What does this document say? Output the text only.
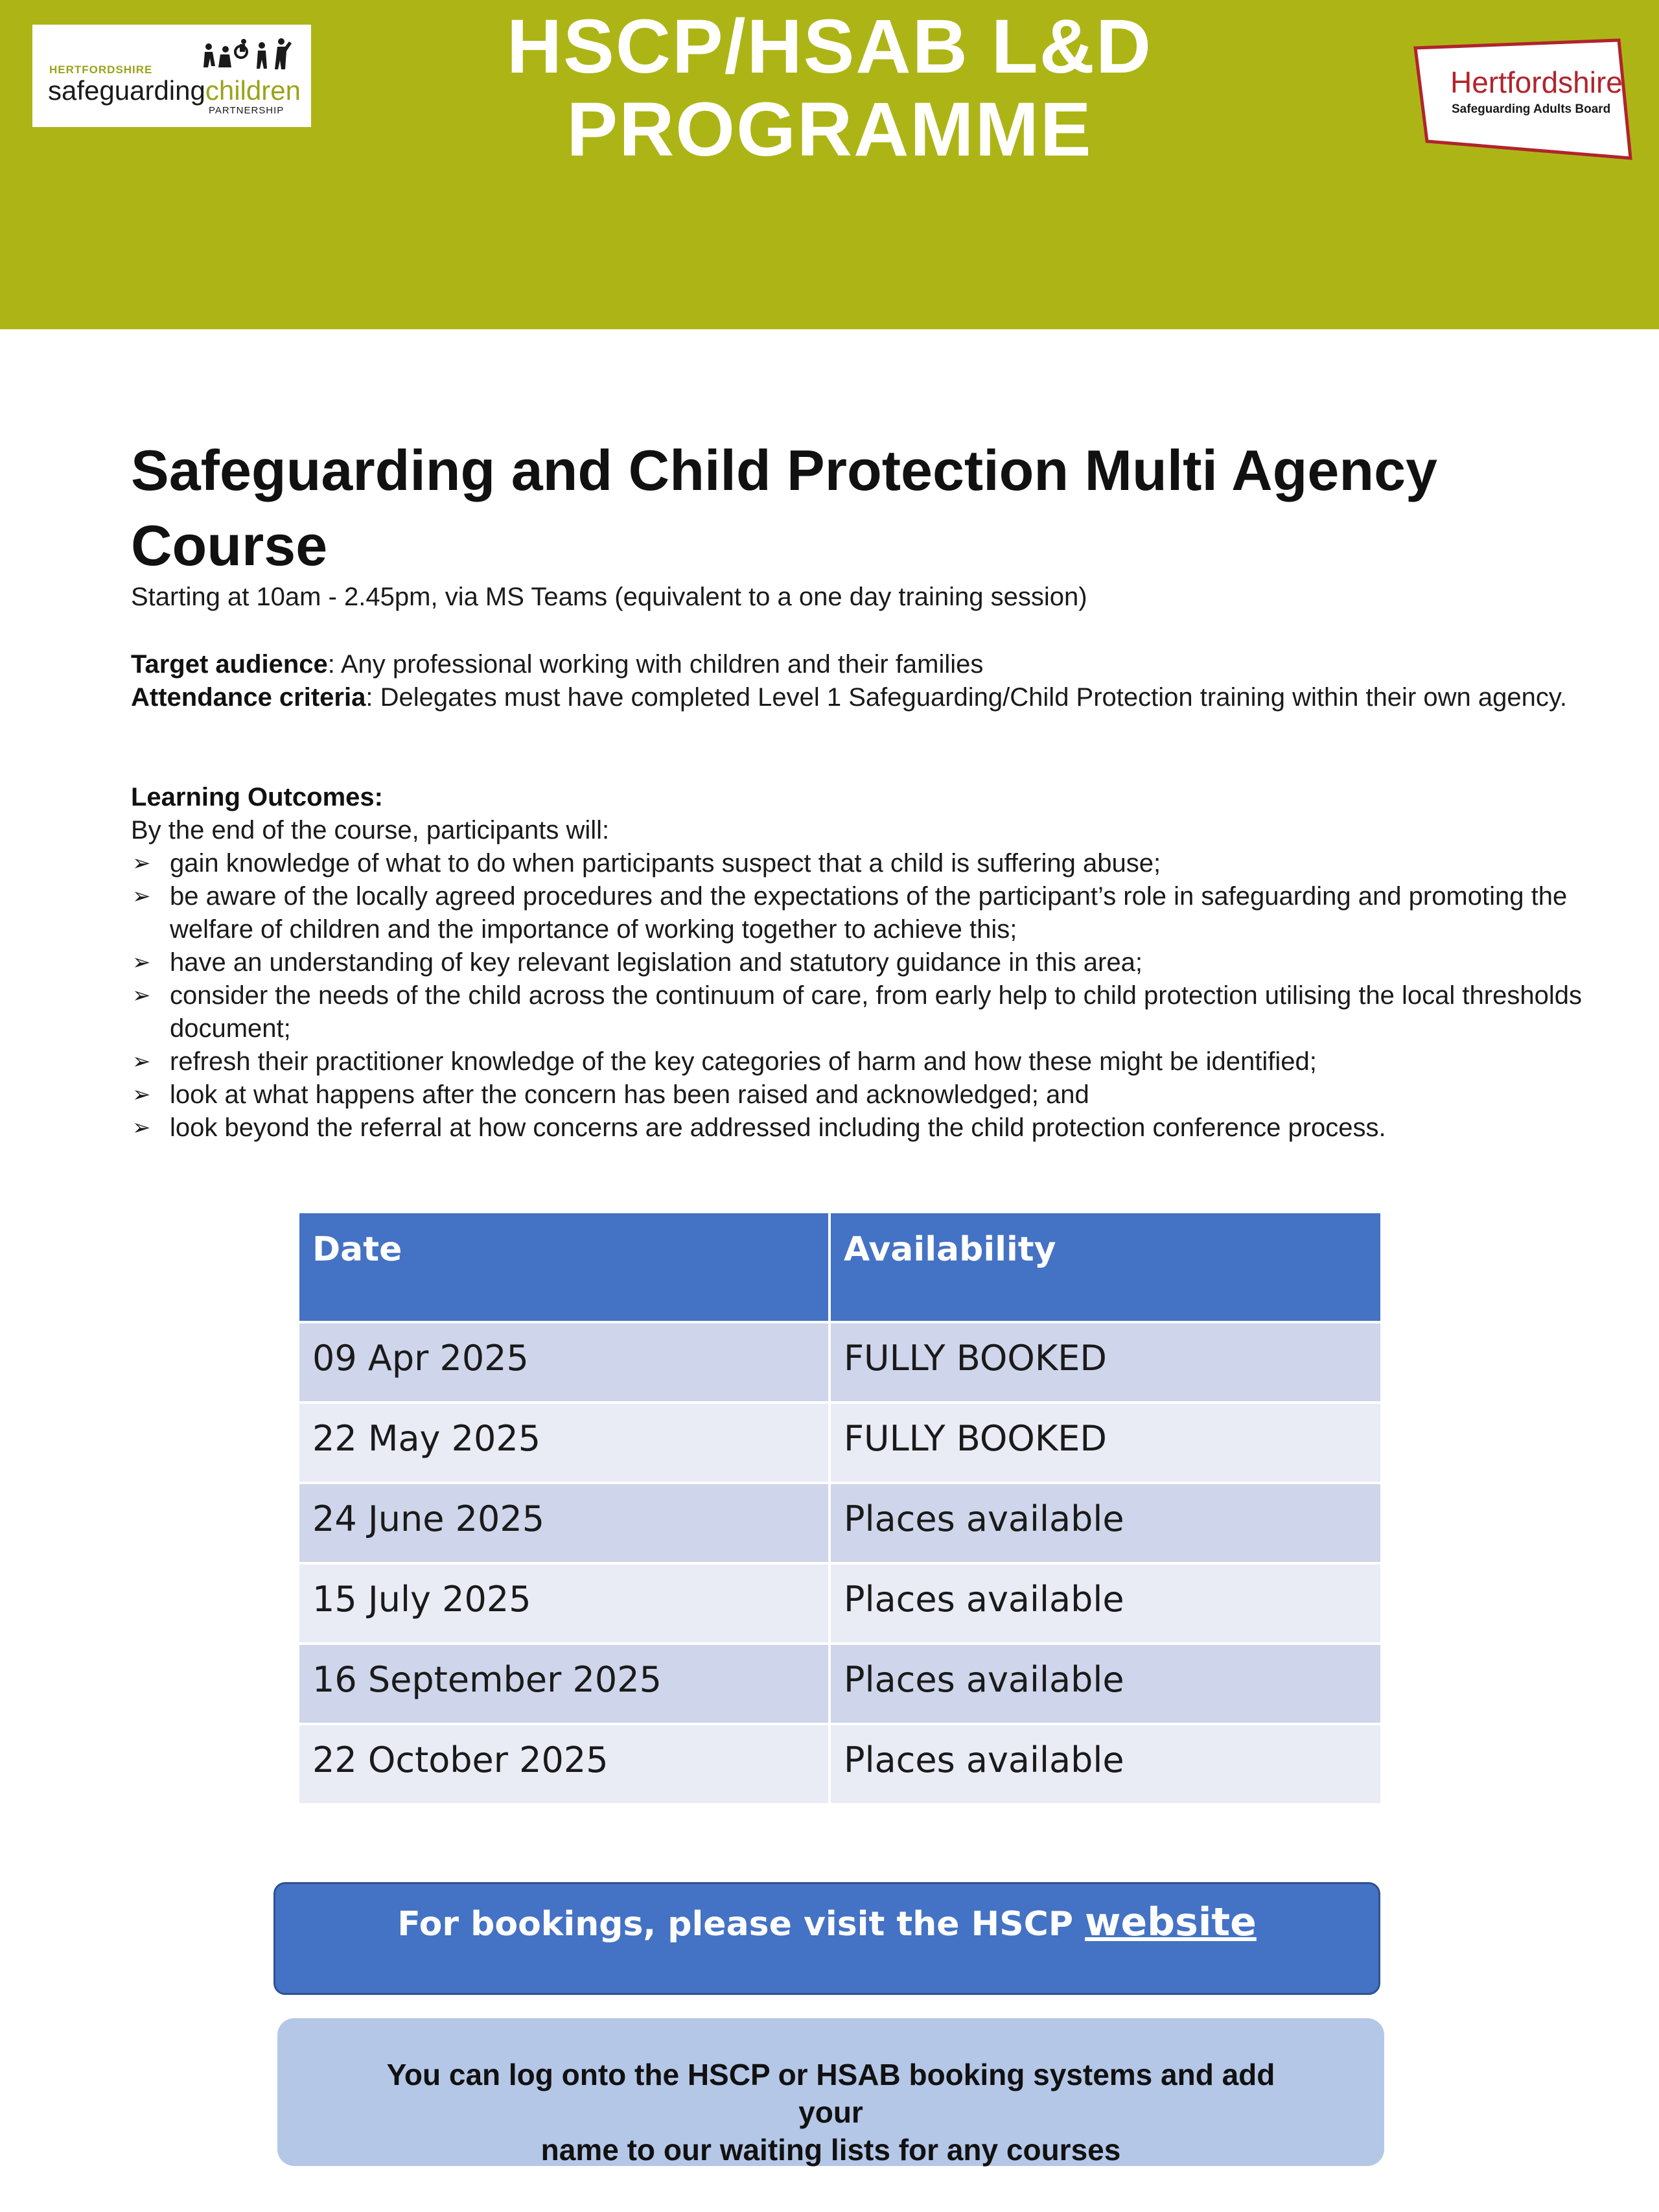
HERTFORDSHIRE
safeguardingchildren
PARTNERSHIP
HSCP/HSAB L&D
PROGRAMME
Hertfordshire
Safeguarding Adults Board
Safeguarding and Child Protection Multi Agency Course
Starting at 10am - 2.45pm, via MS Teams (equivalent to a one day training session)
Target audience: Any professional working with children and their families
Attendance criteria: Delegates must have completed Level 1 Safeguarding/Child Protection training within their own agency.
Learning Outcomes:
By the end of the course, participants will:
➢ gain knowledge of what to do when participants suspect that a child is suffering abuse;
➢ be aware of the locally agreed procedures and the expectations of the participant’s role in safeguarding and promoting the welfare of children and the importance of working together to achieve this;
➢ have an understanding of key relevant legislation and statutory guidance in this area;
➢ consider the needs of the child across the continuum of care, from early help to child protection utilising the local thresholds document;
➢ refresh their practitioner knowledge of the key categories of harm and how these might be identified;
➢ look at what happens after the concern has been raised and acknowledged; and
➢ look beyond the referral at how concerns are addressed including the child protection conference process.
Date	Availability
09 Apr 2025	FULLY BOOKED
22 May 2025	FULLY BOOKED
24 June 2025	Places available
15 July 2025	Places available
16 September 2025	Places available
22 October 2025	Places available
For bookings, please visit the HSCP website
You can log onto the HSCP or HSAB booking systems and add your
name to our waiting lists for any courses
